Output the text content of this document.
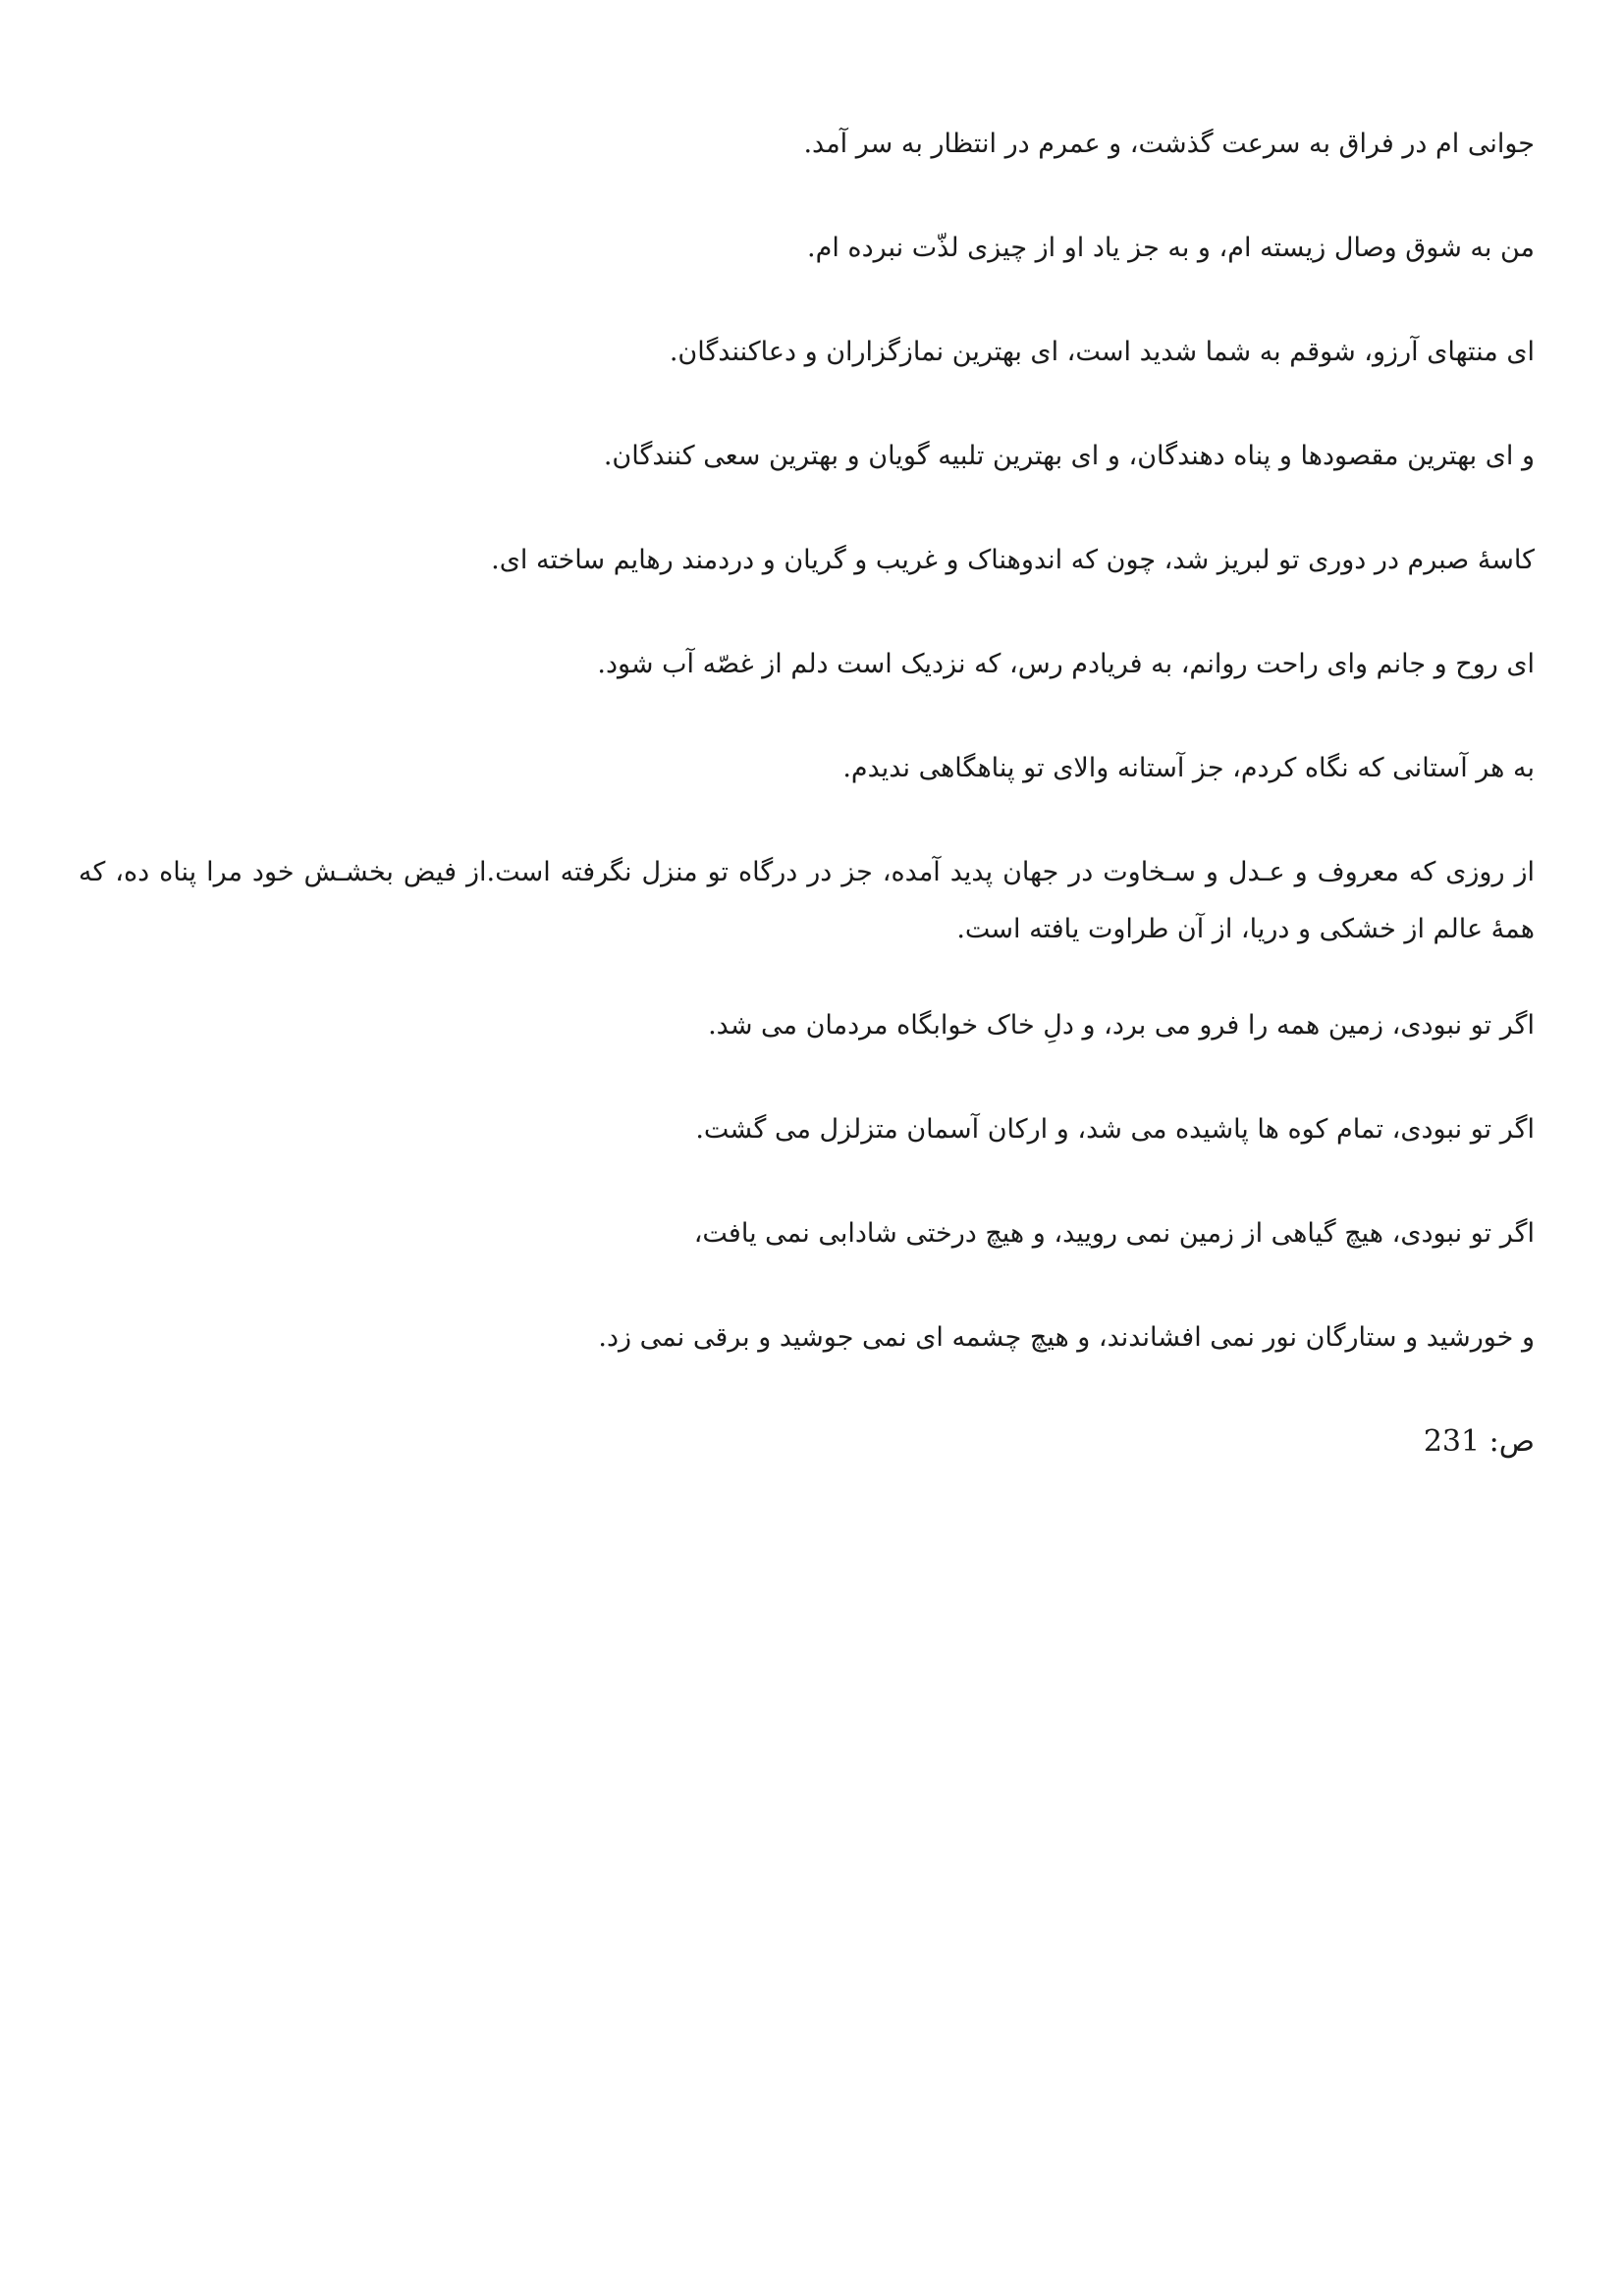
جوانی ام در فراق به سرعت گذشت، و عمرم در انتظار به سر آمد.

من به شوق وصال زیسته ام، و به جز یاد او از چیزی لذّت نبرده ام.

ای منتهای آرزو، شوقم به شما شدید است، ای بهترین نمازگزاران و دعاکنندگان.

و ای بهترین مقصودها و پناه دهندگان، و ای بهترین تلبیه گویان و بهترین سعی کنندگان.

کاسهٔ صبرم در دوری تو لبریز شد، چون که اندوهناک و غریب و گریان و دردمند رهایم ساخته ای.

ای روح و جانم وای راحت روانم، به فریادم رس، که نزدیک است دلم از غصّه آب شود.

به هر آستانی که نگاه کردم، جز آستانه والای تو پناهگاهی ندیدم.

از روزی که معروف و عـدل و سـخاوت در جهان پدید آمده، جز در درگاه تو منزل نگرفته است.از فیض بخشـش خود مرا پناه ده، که همهٔ عالم از خشکی و دریا، از آن طراوت یافته است.

اگر تو نبودی، زمین همه را فرو می برد، و دلِ خاک خوابگاه مردمان می شد.

اگر تو نبودی، تمام کوه ها پاشیده می شد، و ارکان آسمان متزلزل می گشت.

اگر تو نبودی، هیچ گیاهی از زمین نمی رویید، و هیچ درختی شادابی نمی یافت،

و خورشید و ستارگان نور نمی افشاندند، و هیچ چشمه ای نمی جوشید و برقی نمی زد.

ص: 231
